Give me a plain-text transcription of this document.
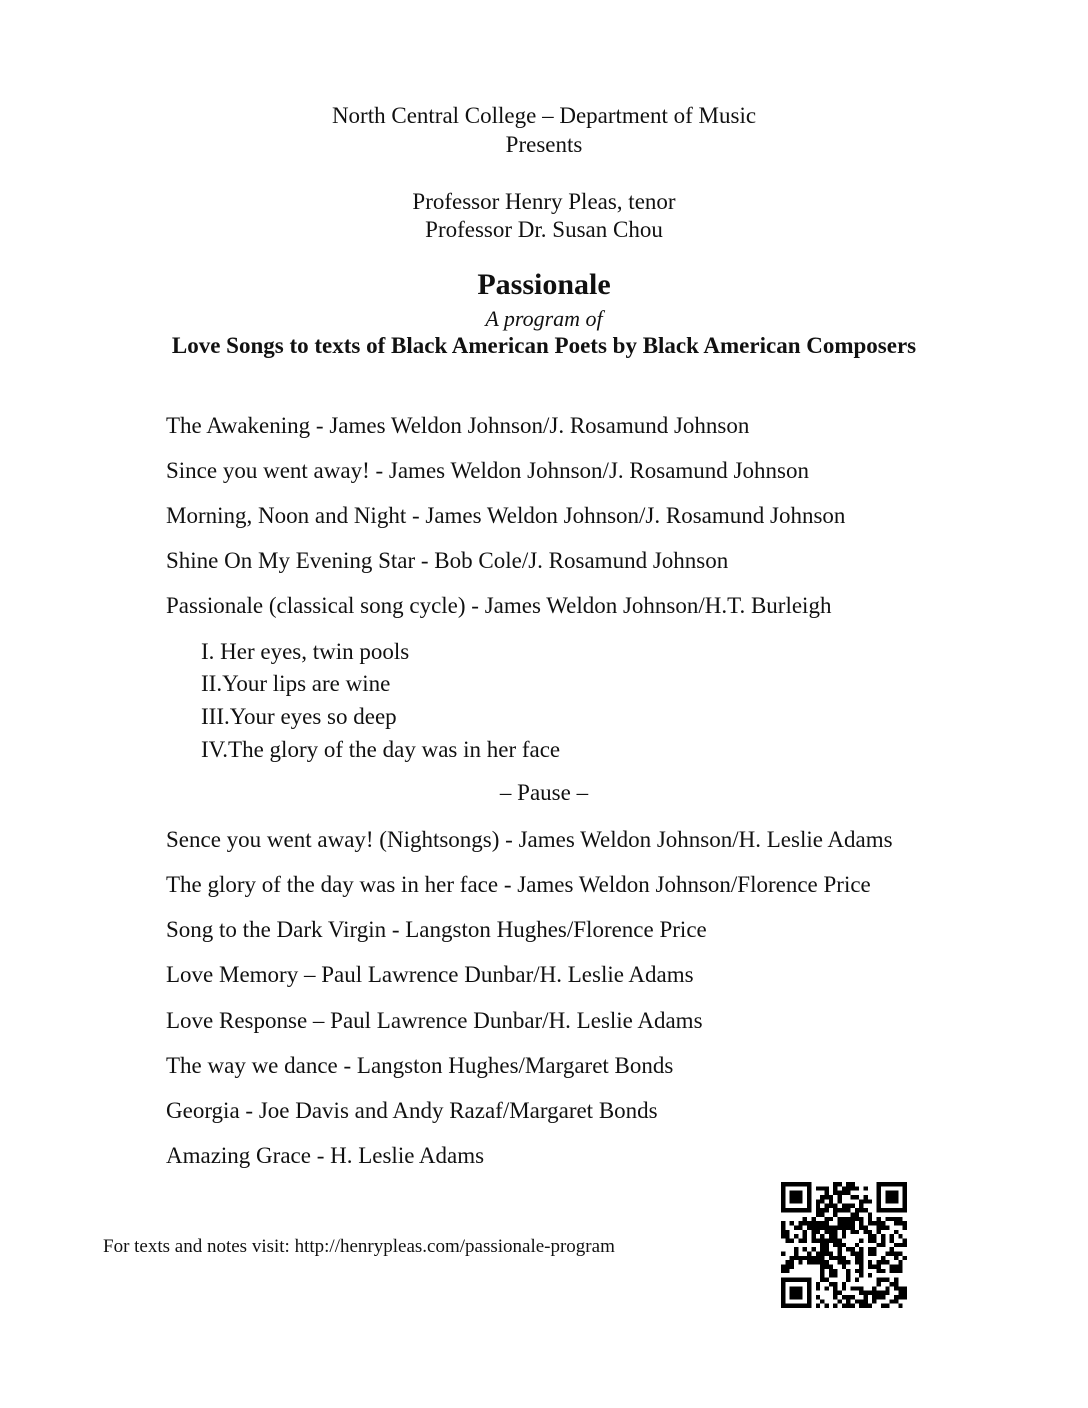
North Central College – Department of Music
Presents
Professor Henry Pleas, tenor
Professor Dr. Susan Chou
Passionale
A program of
Love Songs to texts of Black American Poets by Black American Composers
The Awakening - James Weldon Johnson/J. Rosamund Johnson
Since you went away! - James Weldon Johnson/J. Rosamund Johnson
Morning, Noon and Night - James Weldon Johnson/J. Rosamund Johnson
Shine On My Evening Star - Bob Cole/J. Rosamund Johnson
Passionale (classical song cycle) - James Weldon Johnson/H.T. Burleigh
I. Her eyes, twin pools
II.Your lips are wine
III.Your eyes so deep
IV.The glory of the day was in her face
– Pause –
Sence you went away! (Nightsongs) - James Weldon Johnson/H. Leslie Adams
The glory of the day was in her face - James Weldon Johnson/Florence Price
Song to the Dark Virgin - Langston Hughes/Florence Price
Love Memory – Paul Lawrence Dunbar/H. Leslie Adams
Love Response – Paul Lawrence Dunbar/H. Leslie Adams
The way we dance - Langston Hughes/Margaret Bonds
Georgia - Joe Davis and Andy Razaf/Margaret Bonds
Amazing Grace - H. Leslie Adams
For texts and notes visit: http://henrypleas.com/passionale-program
